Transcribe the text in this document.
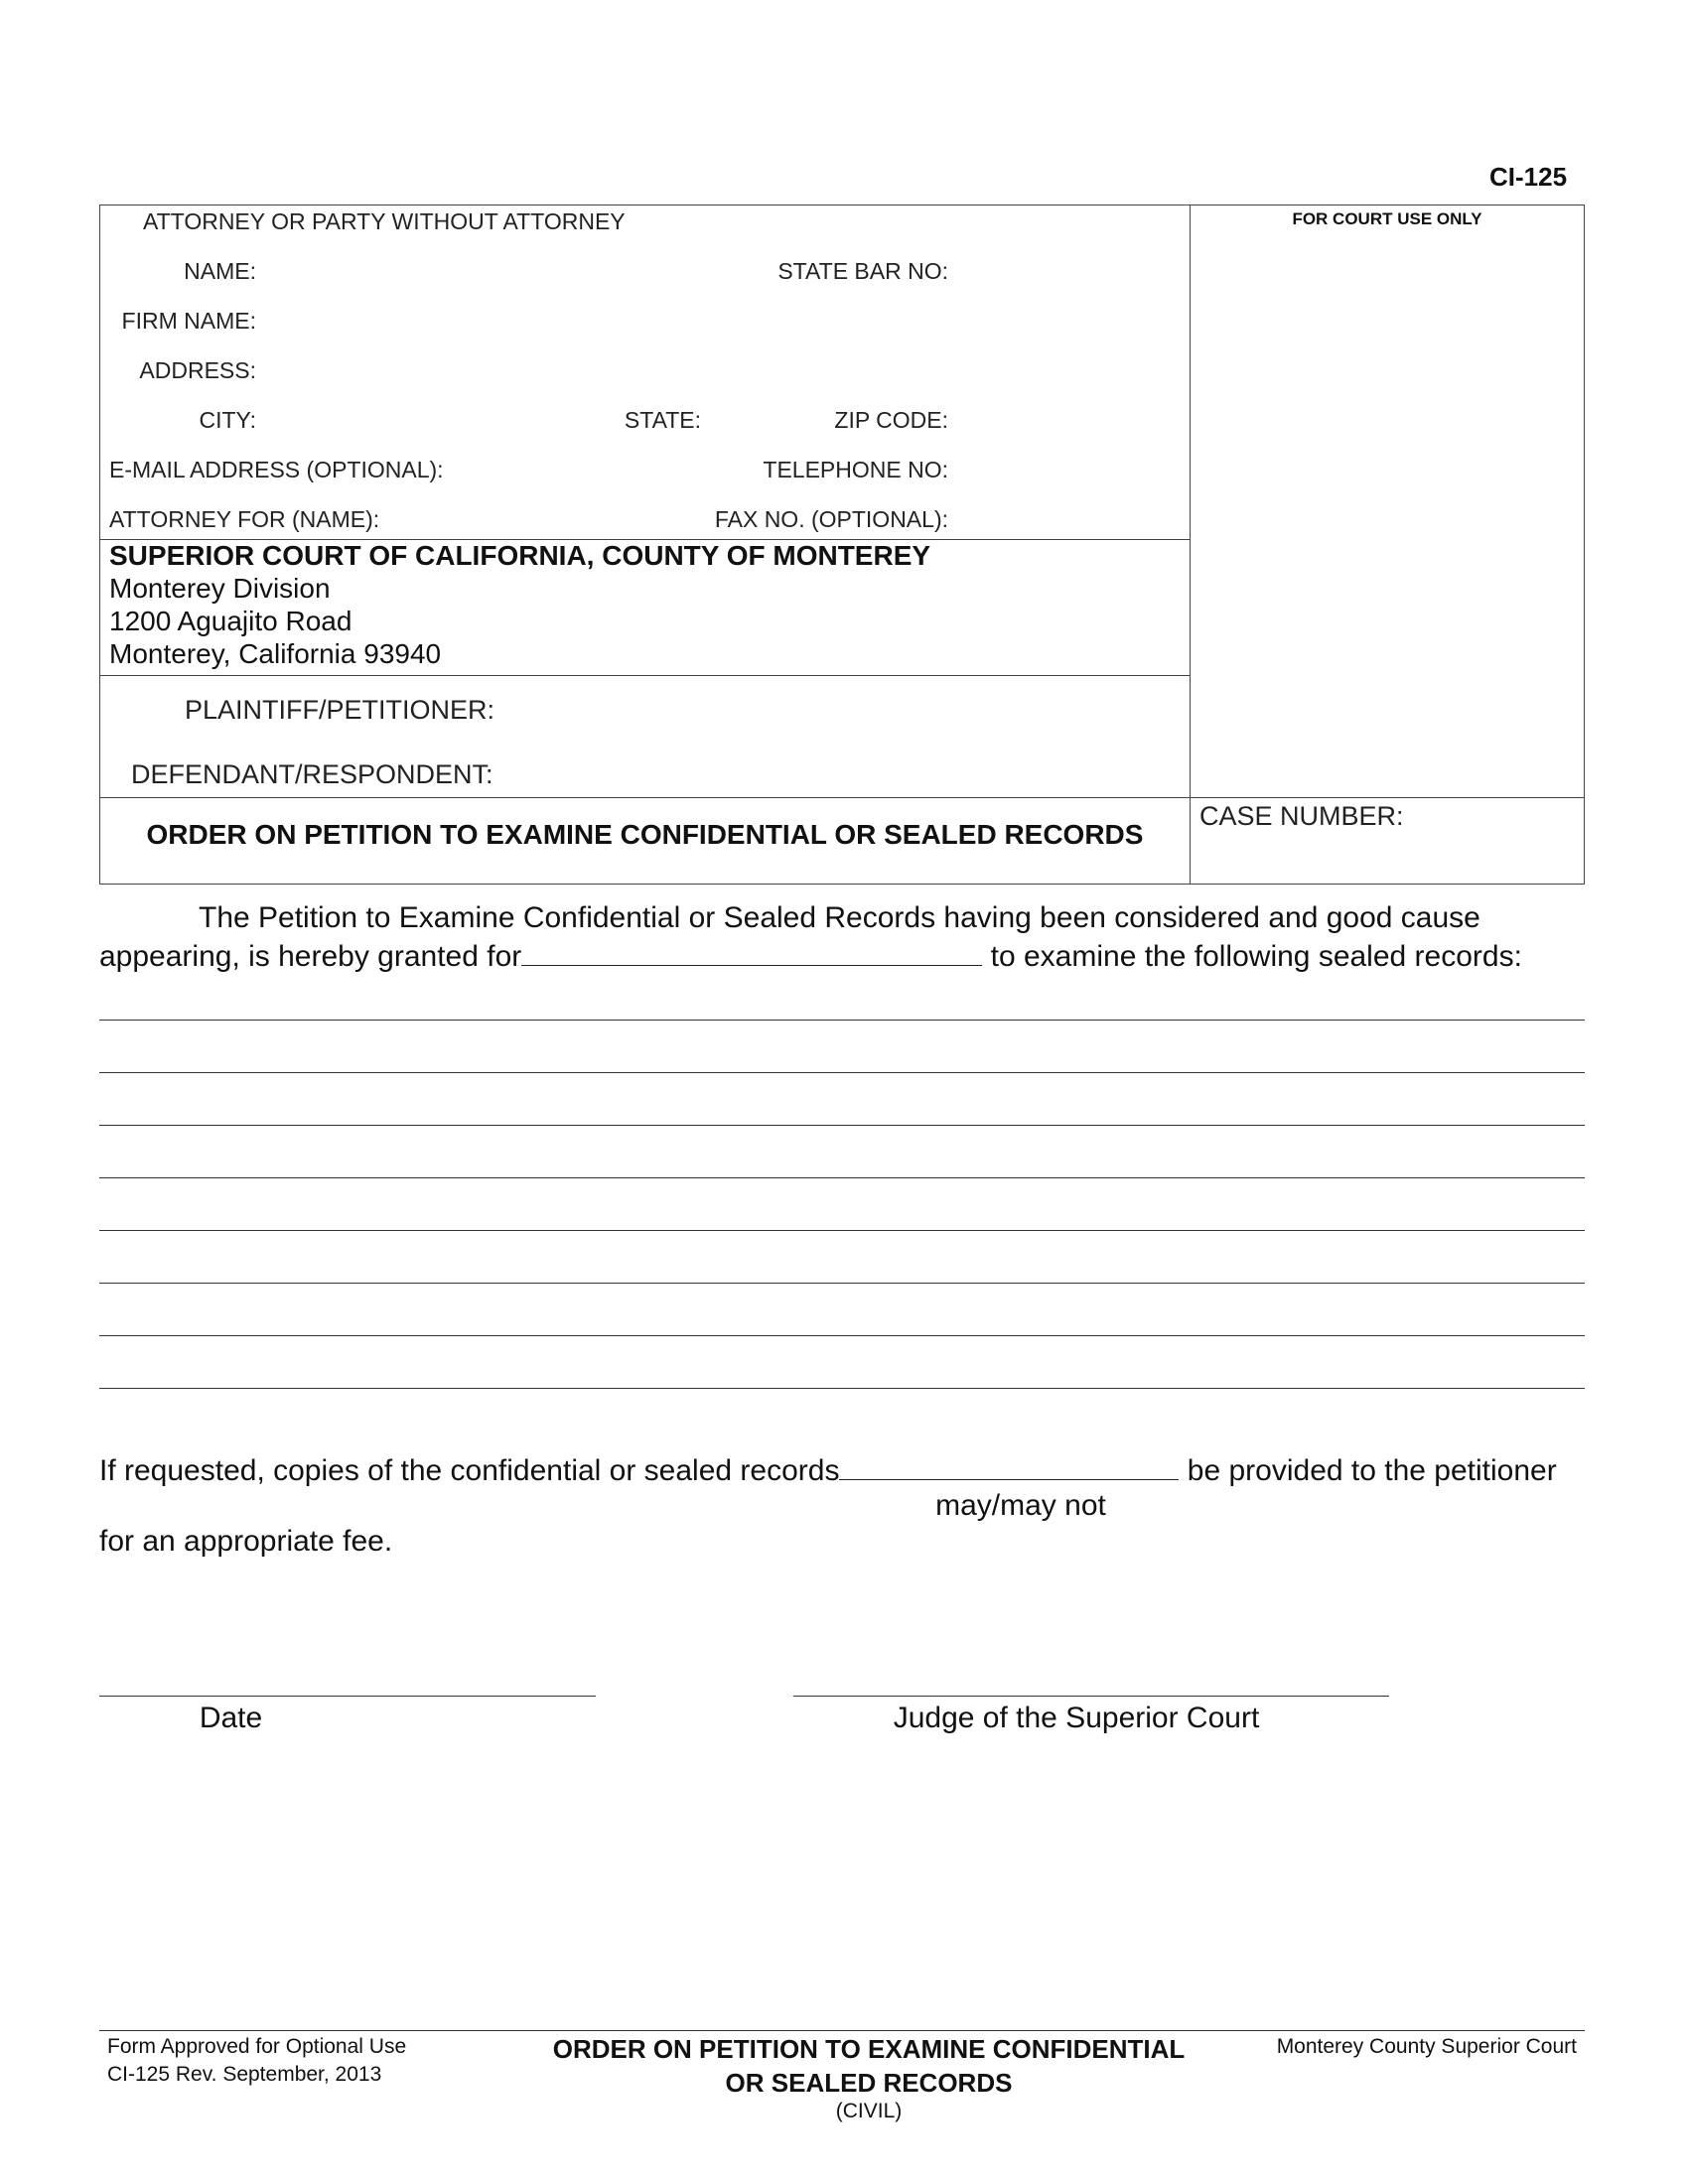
CI-125
ATTORNEY OR PARTY WITHOUT ATTORNEY	FOR COURT USE ONLY
NAME:	STATE BAR NO:
FIRM NAME:
ADDRESS:
CITY:	STATE:	ZIP CODE:
E-MAIL ADDRESS (OPTIONAL):	TELEPHONE NO:
ATTORNEY FOR (NAME):	FAX NO. (OPTIONAL):
SUPERIOR COURT OF CALIFORNIA, COUNTY OF MONTEREY
Monterey Division
1200 Aguajito Road
Monterey, California 93940
PLAINTIFF/PETITIONER:
DEFENDANT/RESPONDENT:
ORDER ON PETITION TO EXAMINE CONFIDENTIAL OR SEALED RECORDS
CASE NUMBER:
The Petition to Examine Confidential or Sealed Records having been considered and good cause
appearing, is hereby granted for	to examine the following sealed records:
If requested, copies of the confidential or sealed records	be provided to the petitioner
may/may not
for an appropriate fee.
Date	Judge of the Superior Court
Form Approved for Optional Use
CI-125 Rev. September, 2013
ORDER ON PETITION TO EXAMINE CONFIDENTIAL
OR SEALED RECORDS
(CIVIL)
Monterey County Superior Court
